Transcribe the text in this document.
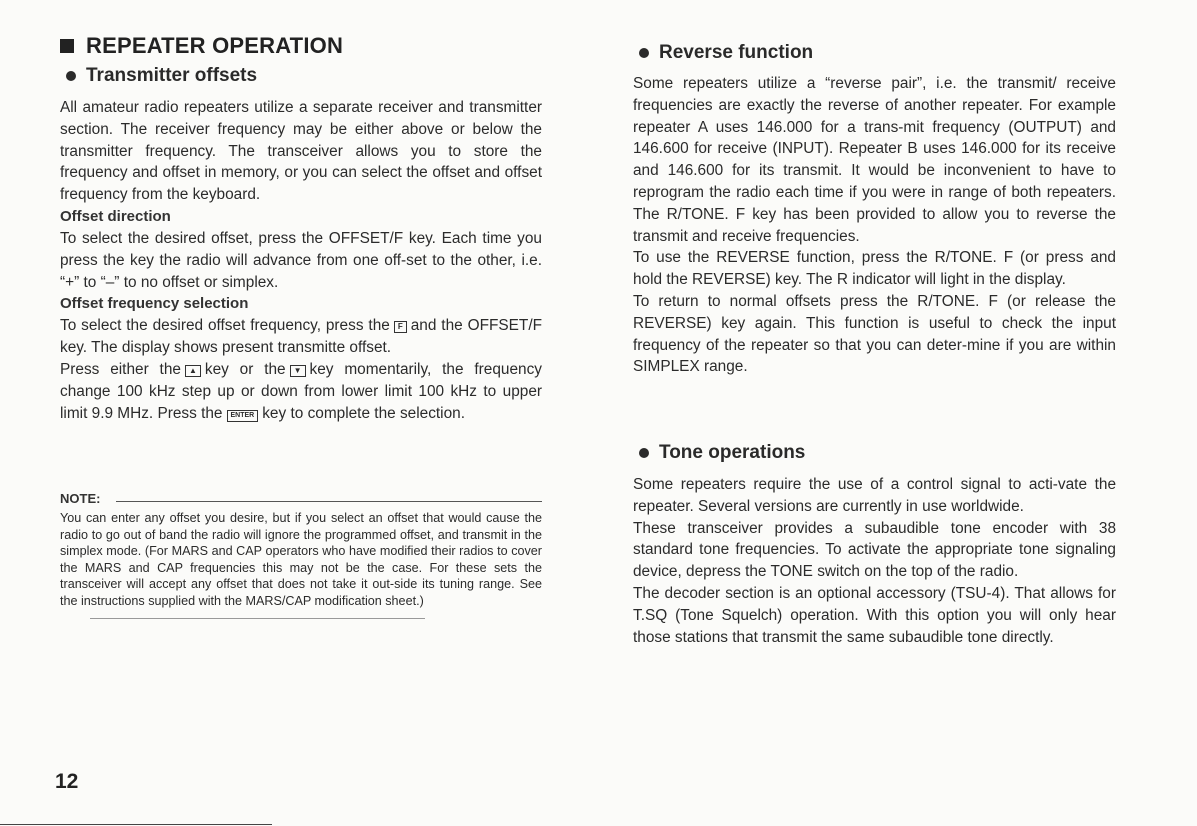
REPEATER OPERATION
Transmitter offsets

All amateur radio repeaters utilize a separate receiver and transmitter section. The receiver frequency may be either above or below the transmitter frequency. The transceiver allows you to store the frequency and offset in memory, or you can select the offset and offset frequency from the keyboard.

Offset direction

To select the desired offset, press the OFFSET/F key. Each time you press the key the radio will advance from one off-set to the other, i.e. “+” to “–” to no offset or simplex.

Offset frequency selection

To select the desired offset frequency, press the F and the OFFSET/F key. The display shows present transmitte offset.

Press either the ▲ key or the ▼ key momentarily, the frequency change 100 kHz step up or down from lower limit 100 kHz to upper limit 9.9 MHz. Press the ENTER key to complete the selection.

NOTE:

You can enter any offset you desire, but if you select an offset that would cause the radio to go out of band the radio will ignore the programmed offset, and transmit in the simplex mode. (For MARS and CAP operators who have modified their radios to cover the MARS and CAP frequencies this may not be the case. For these sets the transceiver will accept any offset that does not take it out-side its tuning range. See the instructions supplied with the MARS/CAP modification sheet.)

Reverse function

Some repeaters utilize a “reverse pair”, i.e. the transmit/ receive frequencies are exactly the reverse of another repeater. For example repeater A uses 146.000 for a trans-mit frequency (OUTPUT) and 146.600 for receive (INPUT). Repeater B uses 146.000 for its receive and 146.600 for its transmit. It would be inconvenient to have to reprogram the radio each time if you were in range of both repeaters. The R/TONE. F key has been provided to allow you to reverse the transmit and receive frequencies.

To use the REVERSE function, press the R/TONE. F (or press and hold the REVERSE) key. The R indicator will light in the display.

To return to normal offsets press the R/TONE. F (or release the REVERSE) key again. This function is useful to check the input frequency of the repeater so that you can deter-mine if you are within SIMPLEX range.

Tone operations

Some repeaters require the use of a control signal to acti-vate the repeater. Several versions are currently in use worldwide.

These transceiver provides a subaudible tone encoder with 38 standard tone frequencies. To activate the appropriate tone signaling device, depress the TONE switch on the top of the radio.

The decoder section is an optional accessory (TSU-4). That allows for T.SQ (Tone Squelch) operation. With this option you will only hear those stations that transmit the same subaudible tone directly.

12
